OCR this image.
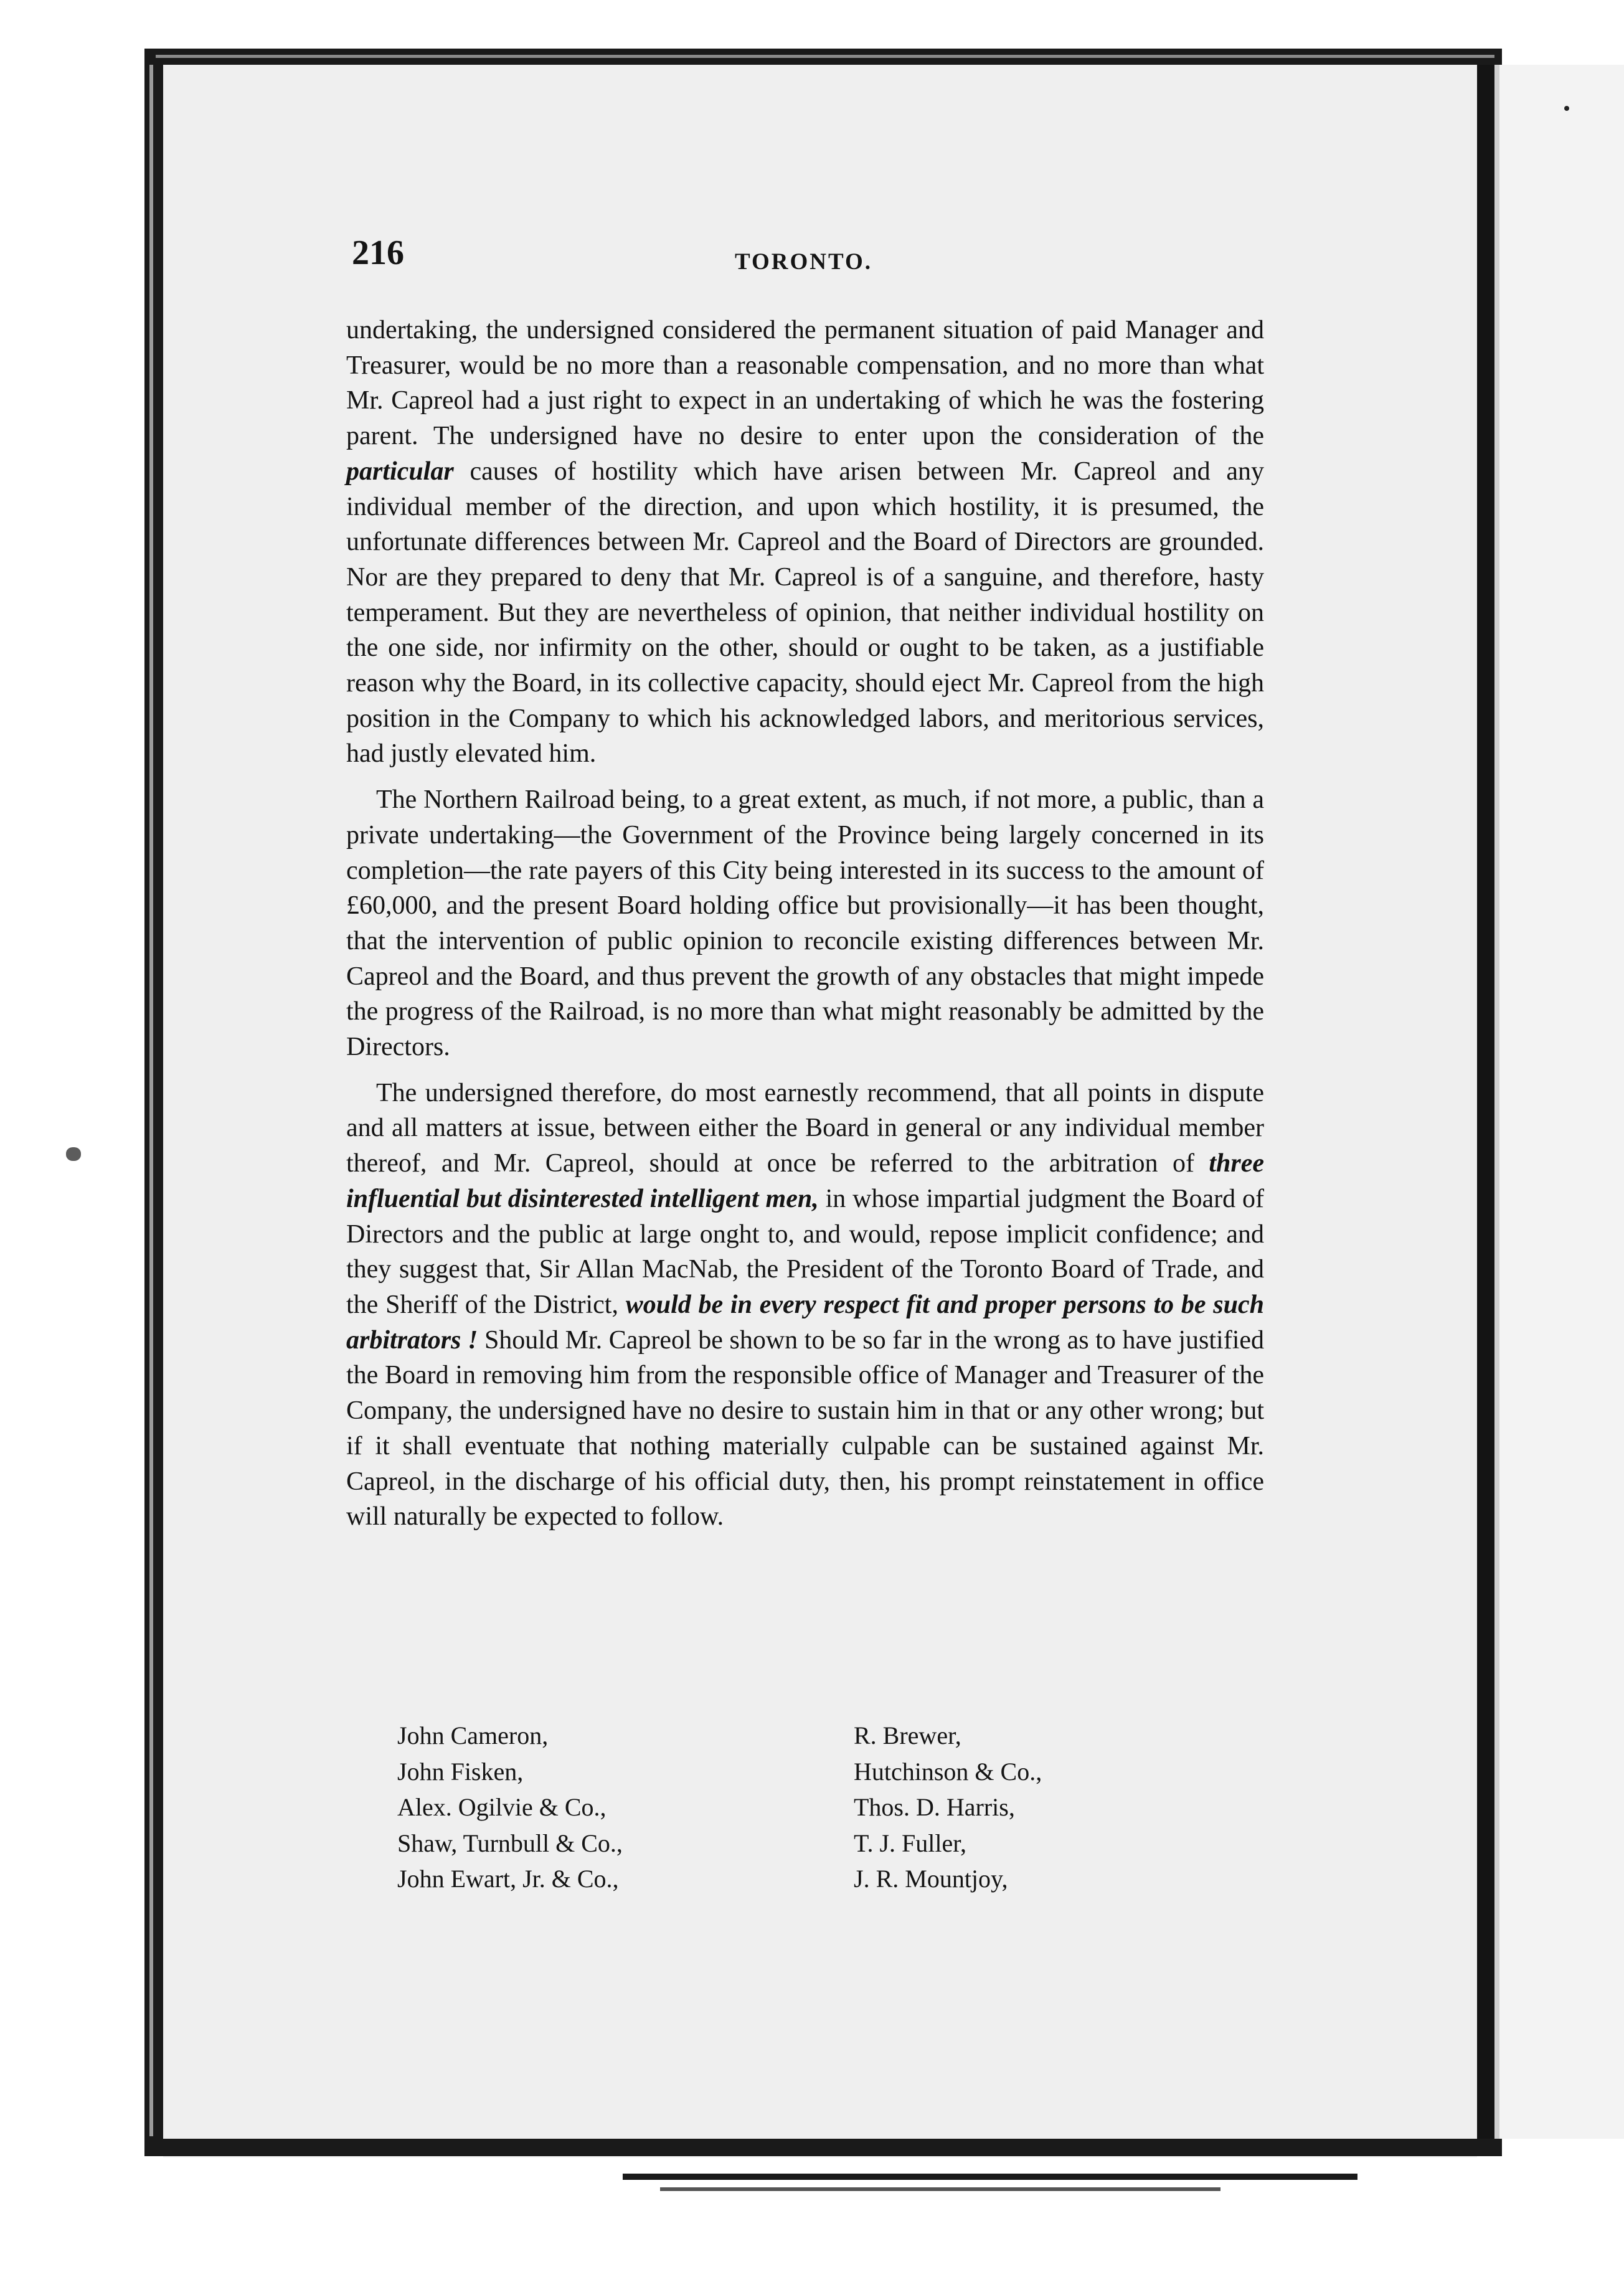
216	TORONTO.

undertaking, the undersigned considered the permanent situation of paid Manager and Treasurer, would be no more than a reasonable compensation, and no more than what Mr. Capreol had a just right to expect in an undertaking of which he was the fostering parent. The undersigned have no desire to enter upon the consideration of the particular causes of hostility which have arisen between Mr. Capreol and any individual member of the direction, and upon which hostility, it is presumed, the unfortunate differences between Mr. Capreol and the Board of Directors are grounded. Nor are they prepared to deny that Mr. Capreol is of a sanguine, and therefore, hasty temperament. But they are nevertheless of opinion, that neither individual hostility on the one side, nor infirmity on the other, should or ought to be taken, as a justifiable reason why the Board, in its collective capacity, should eject Mr. Capreol from the high position in the Company to which his acknowledged labors, and meritorious services, had justly elevated him.

The Northern Railroad being, to a great extent, as much, if not more, a public, than a private undertaking—the Government of the Province being largely concerned in its completion—the rate payers of this City being interested in its success to the amount of £60,000, and the present Board holding office but provisionally—it has been thought, that the intervention of public opinion to reconcile existing differences between Mr. Capreol and the Board, and thus prevent the growth of any obstacles that might impede the progress of the Railroad, is no more than what might reasonably be admitted by the Directors.

The undersigned therefore, do most earnestly recommend, that all points in dispute and all matters at issue, between either the Board in general or any individual member thereof, and Mr. Capreol, should at once be referred to the arbitration of three influential but disinterested intelligent men, in whose impartial judgment the Board of Directors and the public at large onght to, and would, repose implicit confidence; and they suggest that, Sir Allan MacNab, the President of the Toronto Board of Trade, and the Sheriff of the District, would be in every respect fit and proper persons to be such arbitrators ! Should Mr. Capreol be shown to be so far in the wrong as to have justified the Board in removing him from the responsible office of Manager and Treasurer of the Company, the undersigned have no desire to sustain him in that or any other wrong; but if it shall eventuate that nothing materially culpable can be sustained against Mr. Capreol, in the discharge of his official duty, then, his prompt reinstatement in office will naturally be expected to follow.

John Cameron,
John Fisken,
Alex. Ogilvie & Co.,
Shaw, Turnbull & Co.,
John Ewart, Jr. & Co.,
R. Brewer,
Hutchinson & Co.,
Thos. D. Harris,
T. J. Fuller,
J. R. Mountjoy,
